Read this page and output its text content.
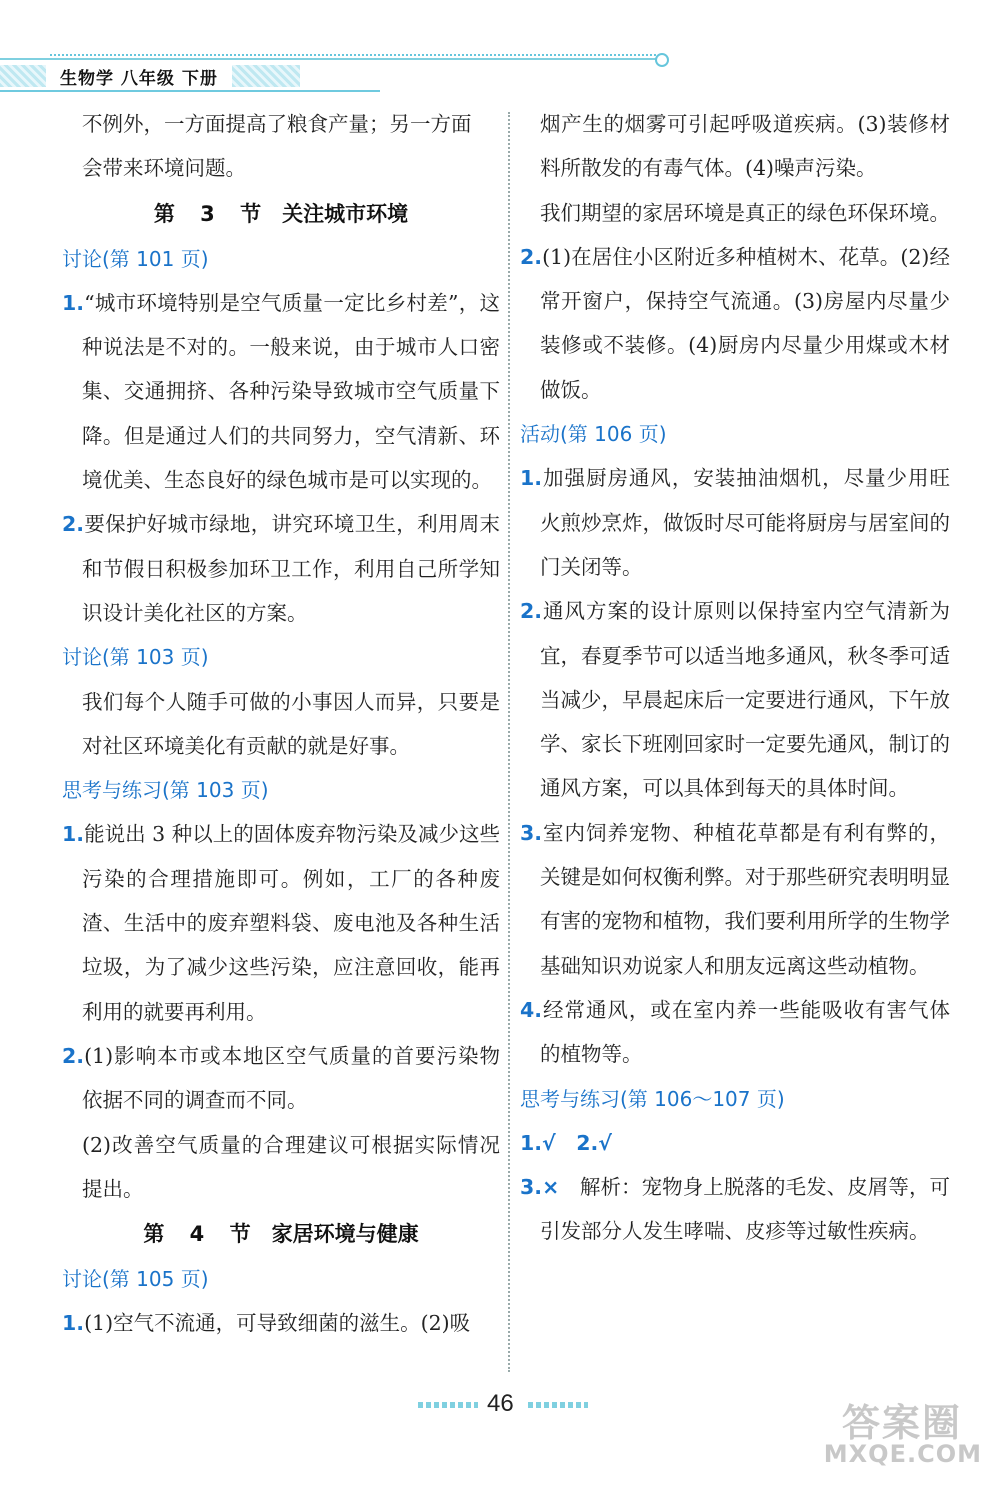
生物学 八年级 下册
不例外，一方面提高了粮食产量；另一方面
会带来环境问题。
第 3 节　关注城市环境
讨论(第 101 页)
1.“城市环境特别是空气质量一定比乡村差”，这种说法是不对的。一般来说，由于城市人口密集、交通拥挤、各种污染导致城市空气质量下降。但是通过人们的共同努力，空气清新、环境优美、生态良好的绿色城市是可以实现的。
2.要保护好城市绿地，讲究环境卫生，利用周末和节假日积极参加环卫工作，利用自己所学知识设计美化社区的方案。
讨论(第 103 页)
我们每个人随手可做的小事因人而异，只要是对社区环境美化有贡献的就是好事。
思考与练习(第 103 页)
1.能说出 3 种以上的固体废弃物污染及减少这些污染的合理措施即可。例如，工厂的各种废渣、生活中的废弃塑料袋、废电池及各种生活垃圾，为了减少这些污染，应注意回收，能再利用的就要再利用。
2.(1)影响本市或本地区空气质量的首要污染物依据不同的调查而不同。
(2)改善空气质量的合理建议可根据实际情况提出。
第 4 节　家居环境与健康
讨论(第 105 页)
1.(1)空气不流通，可导致细菌的滋生。(2)吸
烟产生的烟雾可引起呼吸道疾病。(3)装修材料所散发的有毒气体。(4)噪声污染。
我们期望的家居环境是真正的绿色环保环境。
2.(1)在居住小区附近多种植树木、花草。(2)经常开窗户，保持空气流通。(3)房屋内尽量少装修或不装修。(4)厨房内尽量少用煤或木材做饭。
活动(第 106 页)
1.加强厨房通风，安装抽油烟机，尽量少用旺火煎炒烹炸，做饭时尽可能将厨房与居室间的门关闭等。
2.通风方案的设计原则以保持室内空气清新为宜，春夏季节可以适当地多通风，秋冬季可适当减少，早晨起床后一定要进行通风，下午放学、家长下班刚回家时一定要先通风，制订的通风方案，可以具体到每天的具体时间。
3.室内饲养宠物、种植花草都是有利有弊的，关键是如何权衡利弊。对于那些研究表明明显有害的宠物和植物，我们要利用所学的生物学基础知识劝说家人和朋友远离这些动植物。
4.经常通风，或在室内养一些能吸收有害气体的植物等。
思考与练习(第 106～107 页)
1.√　2.√
3.×　 解析：宠物身上脱落的毛发、皮屑等，可引发部分人发生哮喘、皮疹等过敏性疾病。
46	答案圈
MXQE.COM
